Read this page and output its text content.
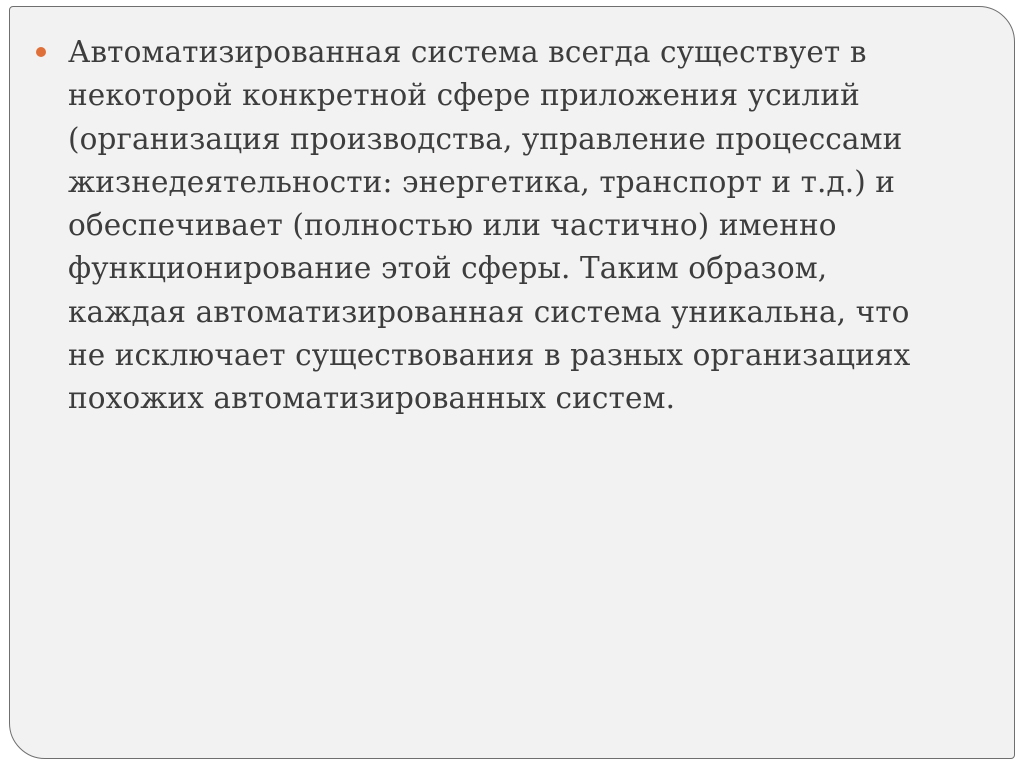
Автоматизированная система всегда существует в
некоторой конкретной сфере приложения усилий
(организация производства, управление процессами
жизнедеятельности: энергетика, транспорт и т.д.) и
обеспечивает (полностью или частично) именно
функционирование этой сферы. Таким образом,
каждая автоматизированная система уникальна, что
не исключает существования в разных организациях
похожих автоматизированных систем.
